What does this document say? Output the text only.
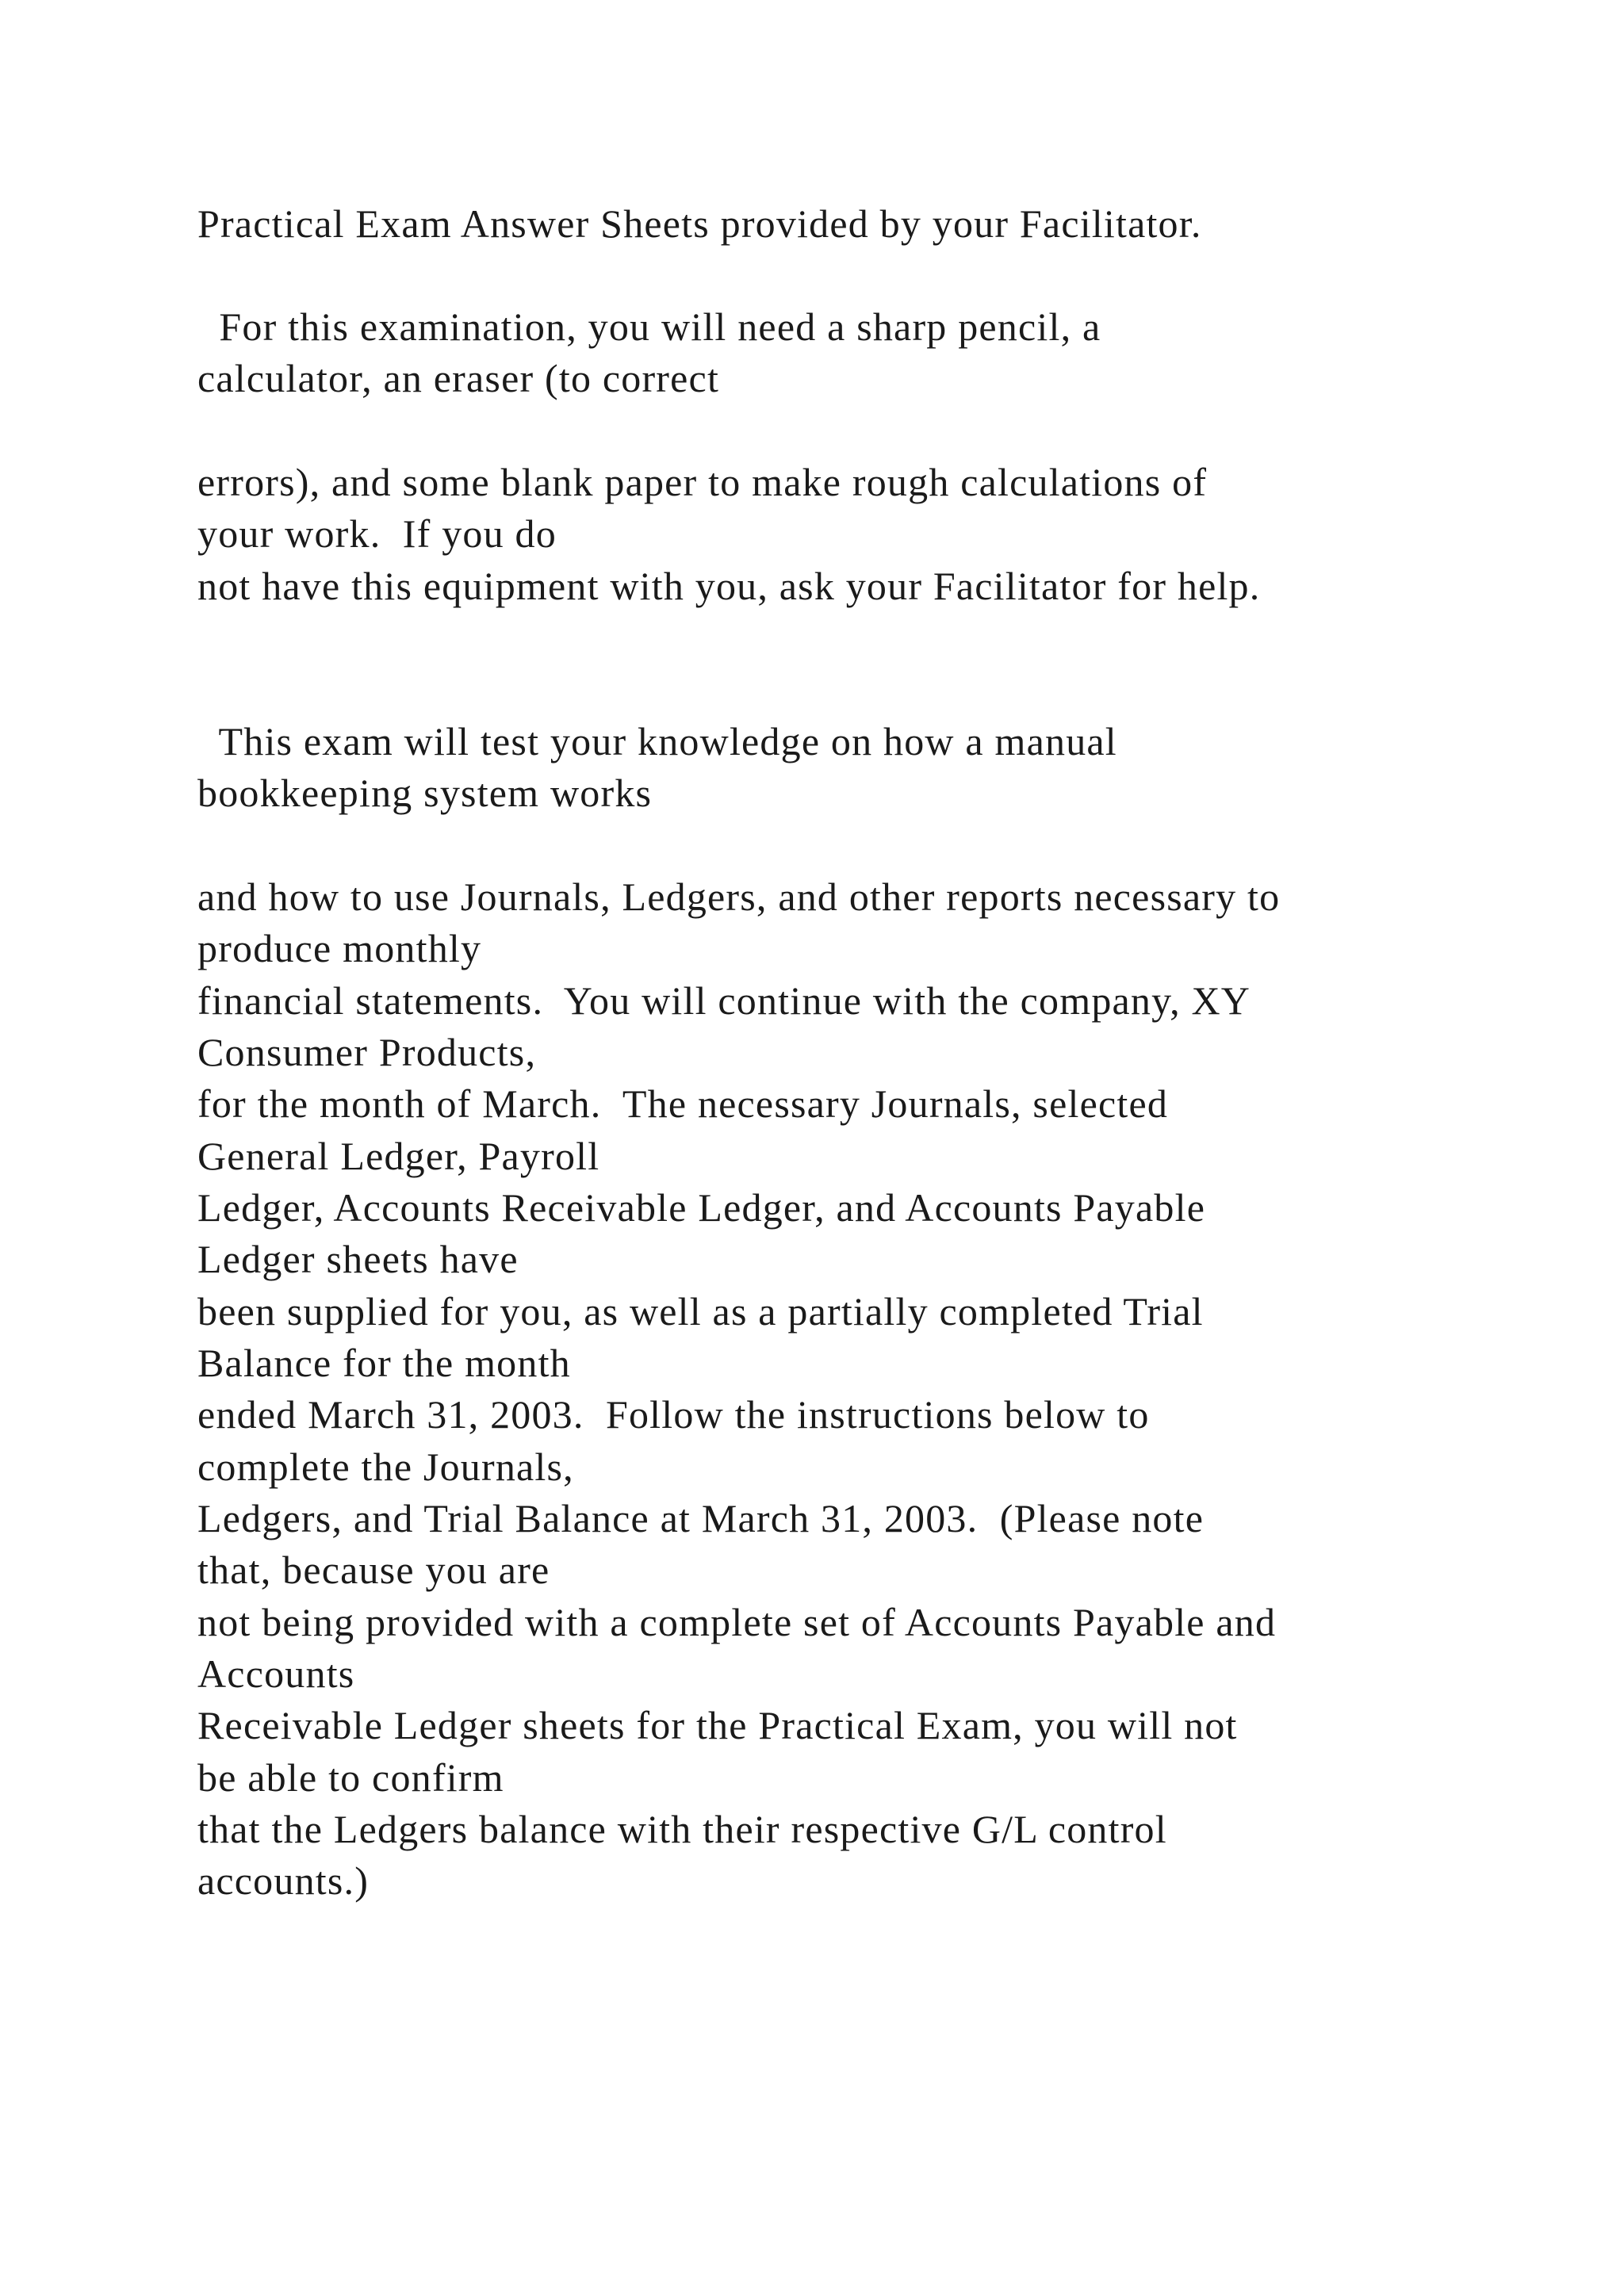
Practical Exam Answer Sheets provided by your Facilitator.

For this examination, you will need a sharp pencil, a

calculator, an eraser (to correct

errors), and some blank paper to make rough calculations of

your work.  If you do

not have this equipment with you, ask your Facilitator for help.

This exam will test your knowledge on how a manual

bookkeeping system works

and how to use Journals, Ledgers, and other reports necessary to

produce monthly

financial statements.  You will continue with the company, XY

Consumer Products,

for the month of March.  The necessary Journals, selected

General Ledger, Payroll

Ledger, Accounts Receivable Ledger, and Accounts Payable

Ledger sheets have

been supplied for you, as well as a partially completed Trial

Balance for the month

ended March 31, 2003.  Follow the instructions below to

complete the Journals,

Ledgers, and Trial Balance at March 31, 2003.  (Please note

that, because you are

not being provided with a complete set of Accounts Payable and

Accounts

Receivable Ledger sheets for the Practical Exam, you will not

be able to confirm

that the Ledgers balance with their respective G/L control

accounts.)
